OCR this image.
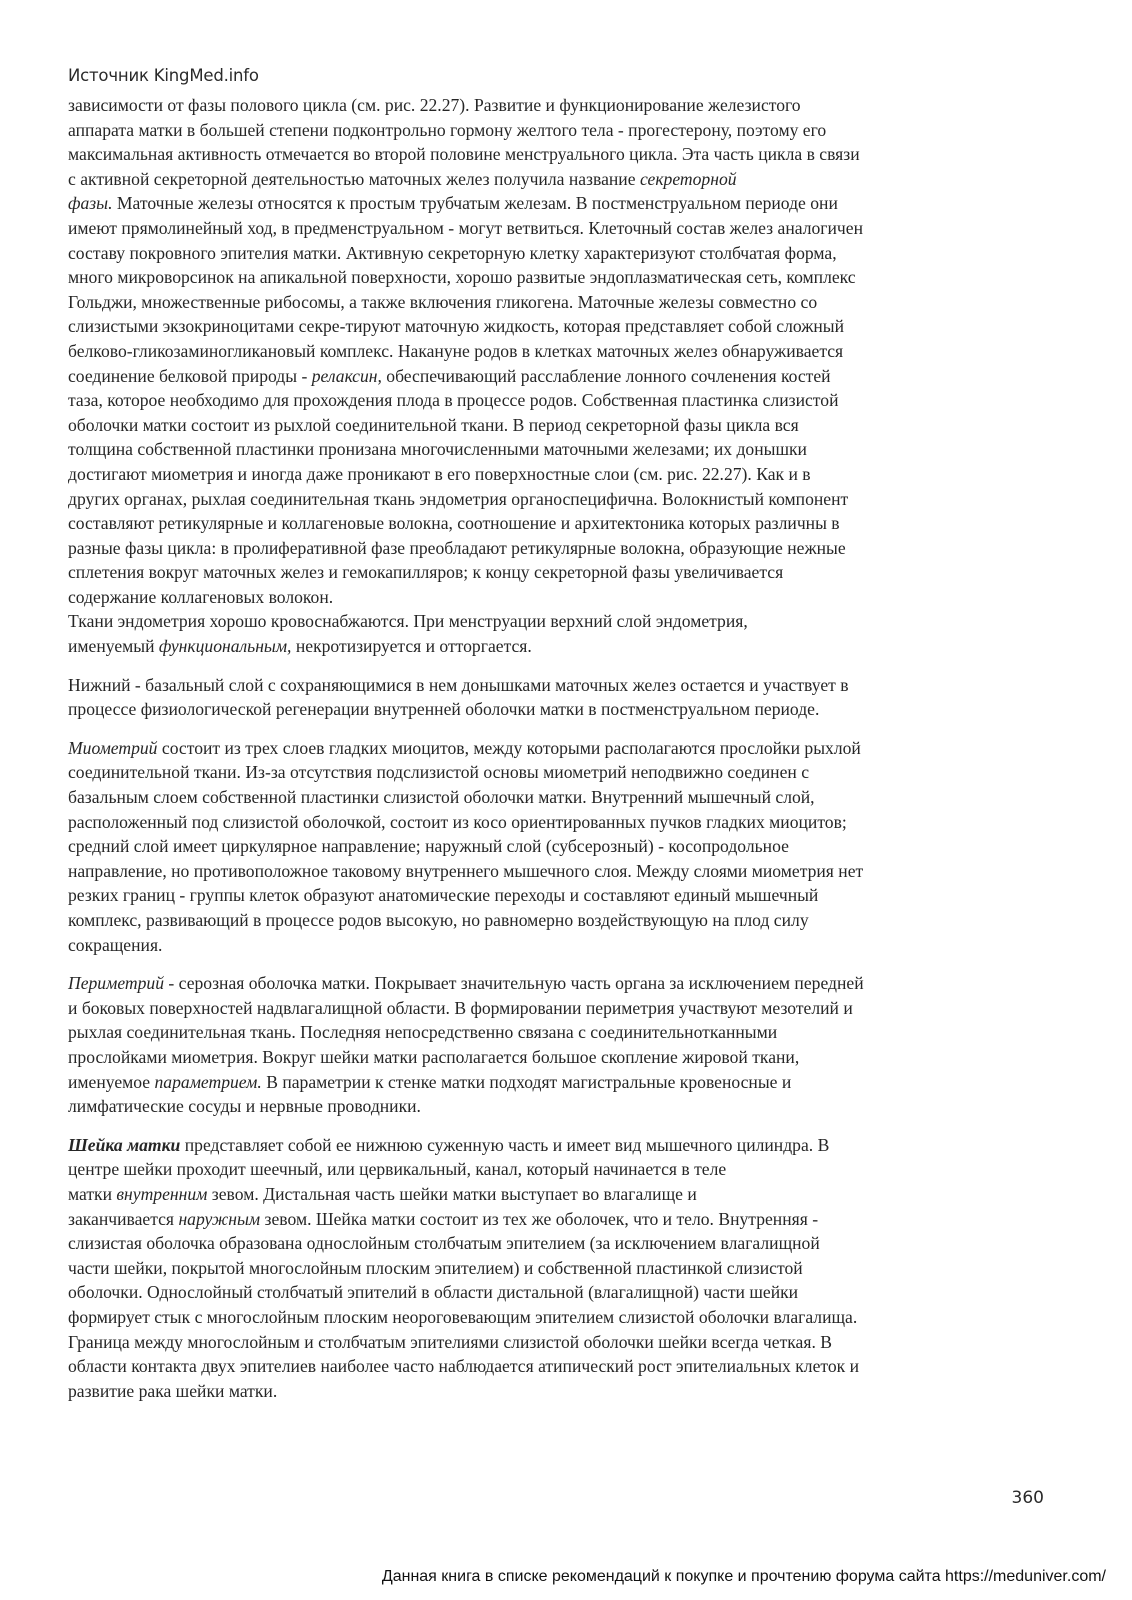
Источник KingMed.info

зависимости от фазы полового цикла (см. рис. 22.27). Развитие и функционирование железистого
аппарата матки в большей степени подконтрольно гормону желтого тела - прогестерону, поэтому его
максимальная активность отмечается во второй половине менструального цикла. Эта часть цикла в связи
с активной секреторной деятельностью маточных желез получила название секреторной
фазы. Маточные железы относятся к простым трубчатым железам. В постменструальном периоде они
имеют прямолинейный ход, в предменструальном - могут ветвиться. Клеточный состав желез аналогичен
составу покровного эпителия матки. Активную секреторную клетку характеризуют столбчатая форма,
много микроворсинок на апикальной поверхности, хорошо развитые эндоплазматическая сеть, комплекс
Гольджи, множественные рибосомы, а также включения гликогена. Маточные железы совместно со
слизистыми экзокриноцитами секре-тируют маточную жидкость, которая представляет собой сложный
белково-гликозаминогликановый комплекс. Накануне родов в клетках маточных желез обнаруживается
соединение белковой природы - релаксин, обеспечивающий расслабление лонного сочленения костей
таза, которое необходимо для прохождения плода в процессе родов. Собственная пластинка слизистой
оболочки матки состоит из рыхлой соединительной ткани. В период секреторной фазы цикла вся
толщина собственной пластинки пронизана многочисленными маточными железами; их донышки
достигают миометрия и иногда даже проникают в его поверхностные слои (см. рис. 22.27). Как и в
других органах, рыхлая соединительная ткань эндометрия органоспецифична. Волокнистый компонент
составляют ретикулярные и коллагеновые волокна, соотношение и архитектоника которых различны в
разные фазы цикла: в пролиферативной фазе преобладают ретикулярные волокна, образующие нежные
сплетения вокруг маточных желез и гемокапилляров; к концу секреторной фазы увеличивается
содержание коллагеновых волокон.

Ткани эндометрия хорошо кровоснабжаются. При менструации верхний слой эндометрия,
именуемый функциональным, некротизируется и отторгается.

Нижний - базальный слой с сохраняющимися в нем донышками маточных желез остается и участвует в
процессе физиологической регенерации внутренней оболочки матки в постменструальном периоде.

Миометрий состоит из трех слоев гладких миоцитов, между которыми располагаются прослойки рыхлой
соединительной ткани. Из-за отсутствия подслизистой основы миометрий неподвижно соединен с
базальным слоем собственной пластинки слизистой оболочки матки. Внутренний мышечный слой,
расположенный под слизистой оболочкой, состоит из косо ориентированных пучков гладких миоцитов;
средний слой имеет циркулярное направление; наружный слой (субсерозный) - косопродольное
направление, но противоположное таковому внутреннего мышечного слоя. Между слоями миометрия нет
резких границ - группы клеток образуют анатомические переходы и составляют единый мышечный
комплекс, развивающий в процессе родов высокую, но равномерно воздействующую на плод силу
сокращения.

Периметрий - серозная оболочка матки. Покрывает значительную часть органа за исключением передней
и боковых поверхностей надвлагалищной области. В формировании периметрия участвуют мезотелий и
рыхлая соединительная ткань. Последняя непосредственно связана с соединительнотканными
прослойками миометрия. Вокруг шейки матки располагается большое скопление жировой ткани,
именуемое параметрием. В параметрии к стенке матки подходят магистральные кровеносные и
лимфатические сосуды и нервные проводники.

Шейка матки представляет собой ее нижнюю суженную часть и имеет вид мышечного цилиндра. В
центре шейки проходит шеечный, или цервикальный, канал, который начинается в теле
матки внутренним зевом. Дистальная часть шейки матки выступает во влагалище и
заканчивается наружным зевом. Шейка матки состоит из тех же оболочек, что и тело. Внутренняя -
слизистая оболочка образована однослойным столбчатым эпителием (за исключением влагалищной
части шейки, покрытой многослойным плоским эпителием) и собственной пластинкой слизистой
оболочки. Однослойный столбчатый эпителий в области дистальной (влагалищной) части шейки
формирует стык с многослойным плоским неороговевающим эпителием слизистой оболочки влагалища.
Граница между многослойным и столбчатым эпителиями слизистой оболочки шейки всегда четкая. В
области контакта двух эпителиев наиболее часто наблюдается атипический рост эпителиальных клеток и
развитие рака шейки матки.

360
Данная книга в списке рекомендаций к покупке и прочтению форума сайта https://meduniver.com/
